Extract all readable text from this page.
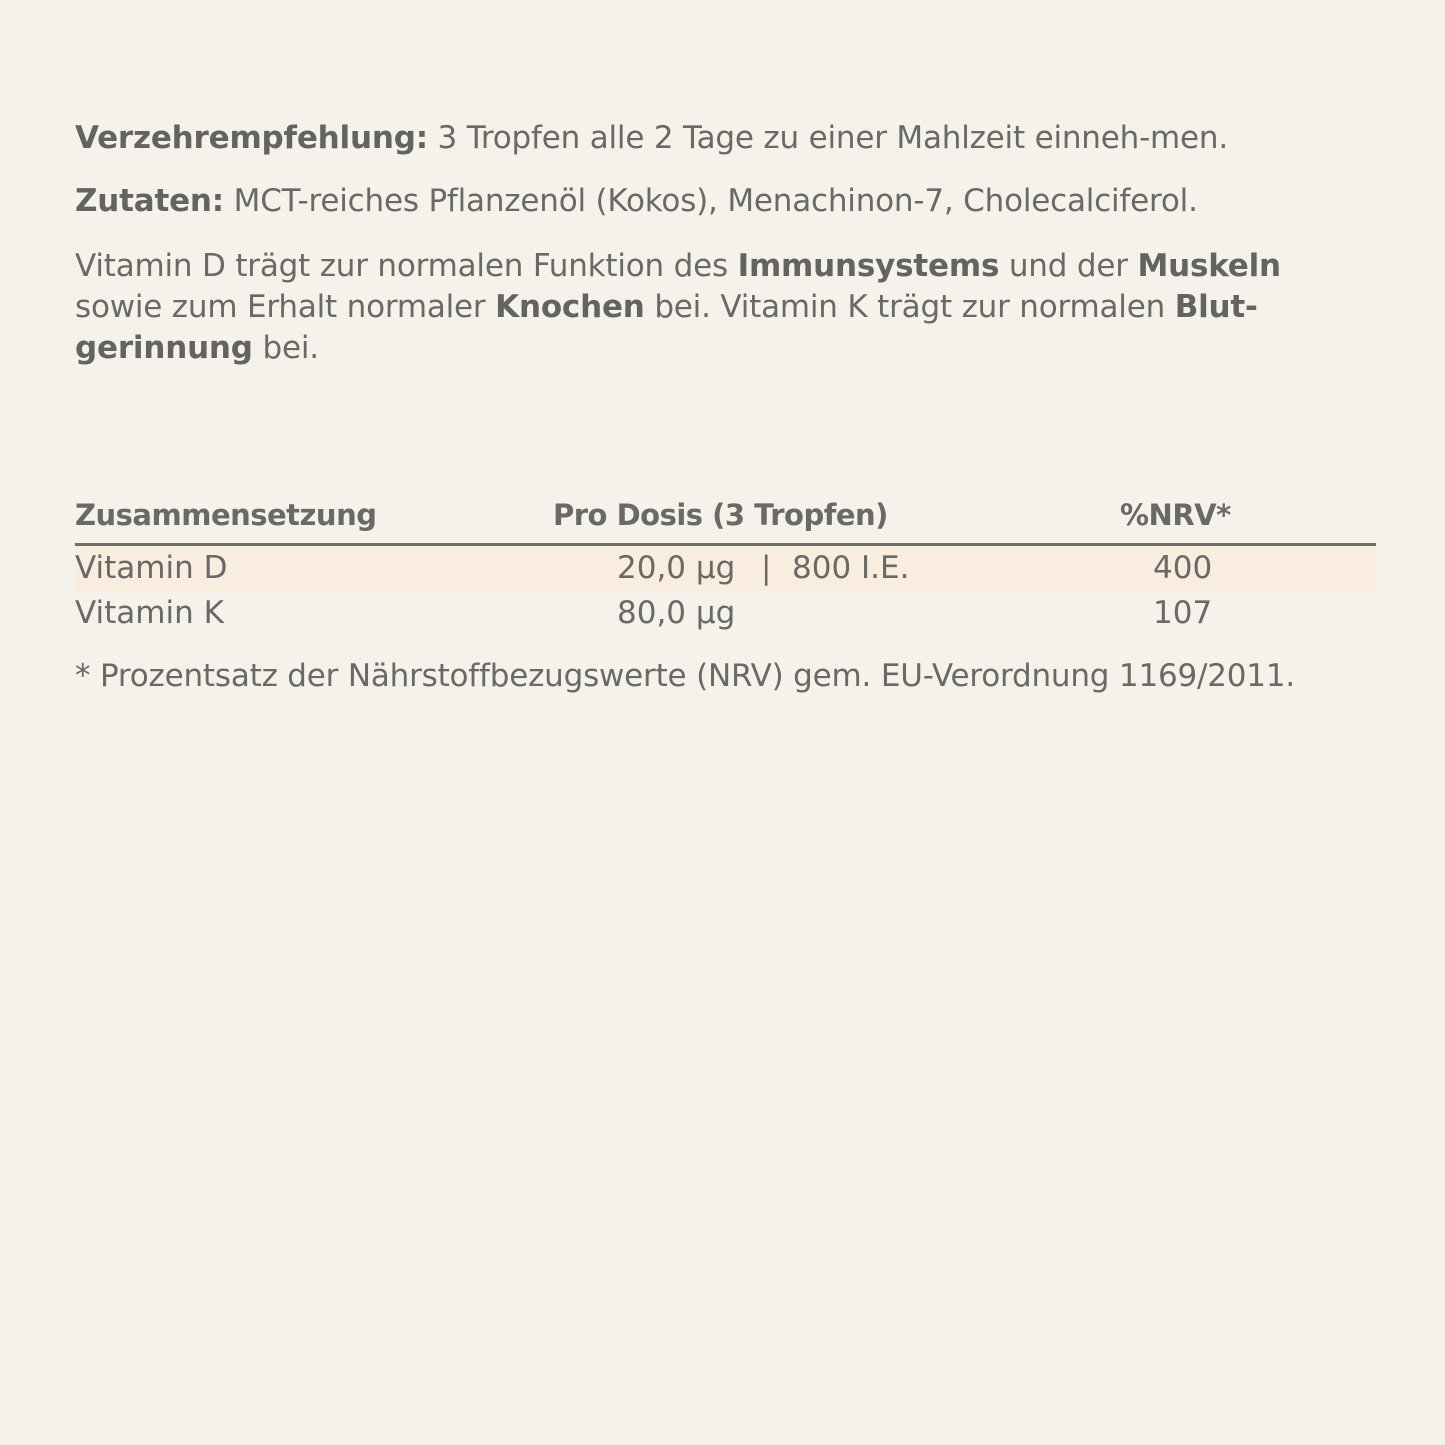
Verzehrempfehlung: 3 Tropfen alle 2 Tage zu einer Mahlzeit einneh-men.

Zutaten: MCT-reiches Pflanzenöl (Kokos), Menachinon-7, Cholecalciferol.

Vitamin D trägt zur normalen Funktion des Immunsystems und der Muskeln sowie zum Erhalt normaler Knochen bei. Vitamin K trägt zur normalen Blut-gerinnung bei.

Zusammensetzung	Pro Dosis (3 Tropfen)	%NRV*
Vitamin D	20,0 µg | 800 I.E.	400
Vitamin K	80,0 µg	107
* Prozentsatz der Nährstoffbezugswerte (NRV) gem. EU-Verordnung 1169/2011.
